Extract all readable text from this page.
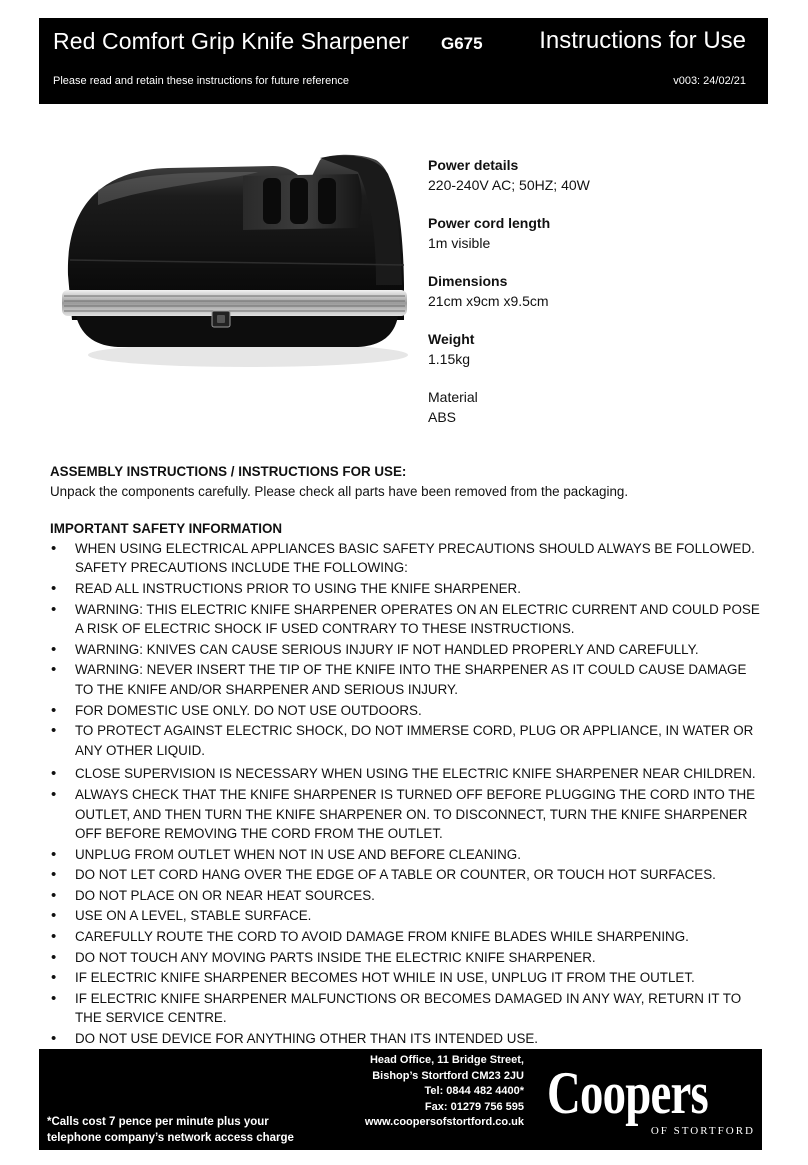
Red Comfort Grip Knife Sharpener G675 Instructions for Use
Please read and retain these instructions for future reference	v003: 24/02/21
Power details
220-240V AC; 50HZ; 40W
Power cord length
1m visible
Dimensions
21cm x9cm x9.5cm
Weight
1.15kg
Material
ABS
ASSEMBLY INSTRUCTIONS / INSTRUCTIONS FOR USE:
Unpack the components carefully. Please check all parts have been removed from the packaging.
IMPORTANT SAFETY INFORMATION
• WHEN USING ELECTRICAL APPLIANCES BASIC SAFETY PRECAUTIONS SHOULD ALWAYS BE FOLLOWED. SAFETY PRECAUTIONS INCLUDE THE FOLLOWING:
• READ ALL INSTRUCTIONS PRIOR TO USING THE KNIFE SHARPENER.
• WARNING: THIS ELECTRIC KNIFE SHARPENER OPERATES ON AN ELECTRIC CURRENT AND COULD POSE A RISK OF ELECTRIC SHOCK IF USED CONTRARY TO THESE INSTRUCTIONS.
• WARNING: KNIVES CAN CAUSE SERIOUS INJURY IF NOT HANDLED PROPERLY AND CAREFULLY.
• WARNING: NEVER INSERT THE TIP OF THE KNIFE INTO THE SHARPENER AS IT COULD CAUSE DAMAGE TO THE KNIFE AND/OR SHARPENER AND SERIOUS INJURY.
• FOR DOMESTIC USE ONLY. DO NOT USE OUTDOORS.
• TO PROTECT AGAINST ELECTRIC SHOCK, DO NOT IMMERSE CORD, PLUG OR APPLIANCE, IN WATER OR ANY OTHER LIQUID.
• CLOSE SUPERVISION IS NECESSARY WHEN USING THE ELECTRIC KNIFE SHARPENER NEAR CHILDREN.
• ALWAYS CHECK THAT THE KNIFE SHARPENER IS TURNED OFF BEFORE PLUGGING THE CORD INTO THE OUTLET, AND THEN TURN THE KNIFE SHARPENER ON. TO DISCONNECT, TURN THE KNIFE SHARPENER OFF BEFORE REMOVING THE CORD FROM THE OUTLET.
• UNPLUG FROM OUTLET WHEN NOT IN USE AND BEFORE CLEANING.
• DO NOT LET CORD HANG OVER THE EDGE OF A TABLE OR COUNTER, OR TOUCH HOT SURFACES.
• DO NOT PLACE ON OR NEAR HEAT SOURCES.
• USE ON A LEVEL, STABLE SURFACE.
• CAREFULLY ROUTE THE CORD TO AVOID DAMAGE FROM KNIFE BLADES WHILE SHARPENING.
• DO NOT TOUCH ANY MOVING PARTS INSIDE THE ELECTRIC KNIFE SHARPENER.
• IF ELECTRIC KNIFE SHARPENER BECOMES HOT WHILE IN USE, UNPLUG IT FROM THE OUTLET.
• IF ELECTRIC KNIFE SHARPENER MALFUNCTIONS OR BECOMES DAMAGED IN ANY WAY, RETURN IT TO THE SERVICE CENTRE.
• DO NOT USE DEVICE FOR ANYTHING OTHER THAN ITS INTENDED USE.
*Calls cost 7 pence per minute plus your
telephone company’s network access charge
Head Office, 11 Bridge Street,
Bishop’s Stortford CM23 2JU
Tel: 0844 482 4400*
Fax: 01279 756 595
www.coopersofstortford.co.uk Coopers
OF STORTFORD
